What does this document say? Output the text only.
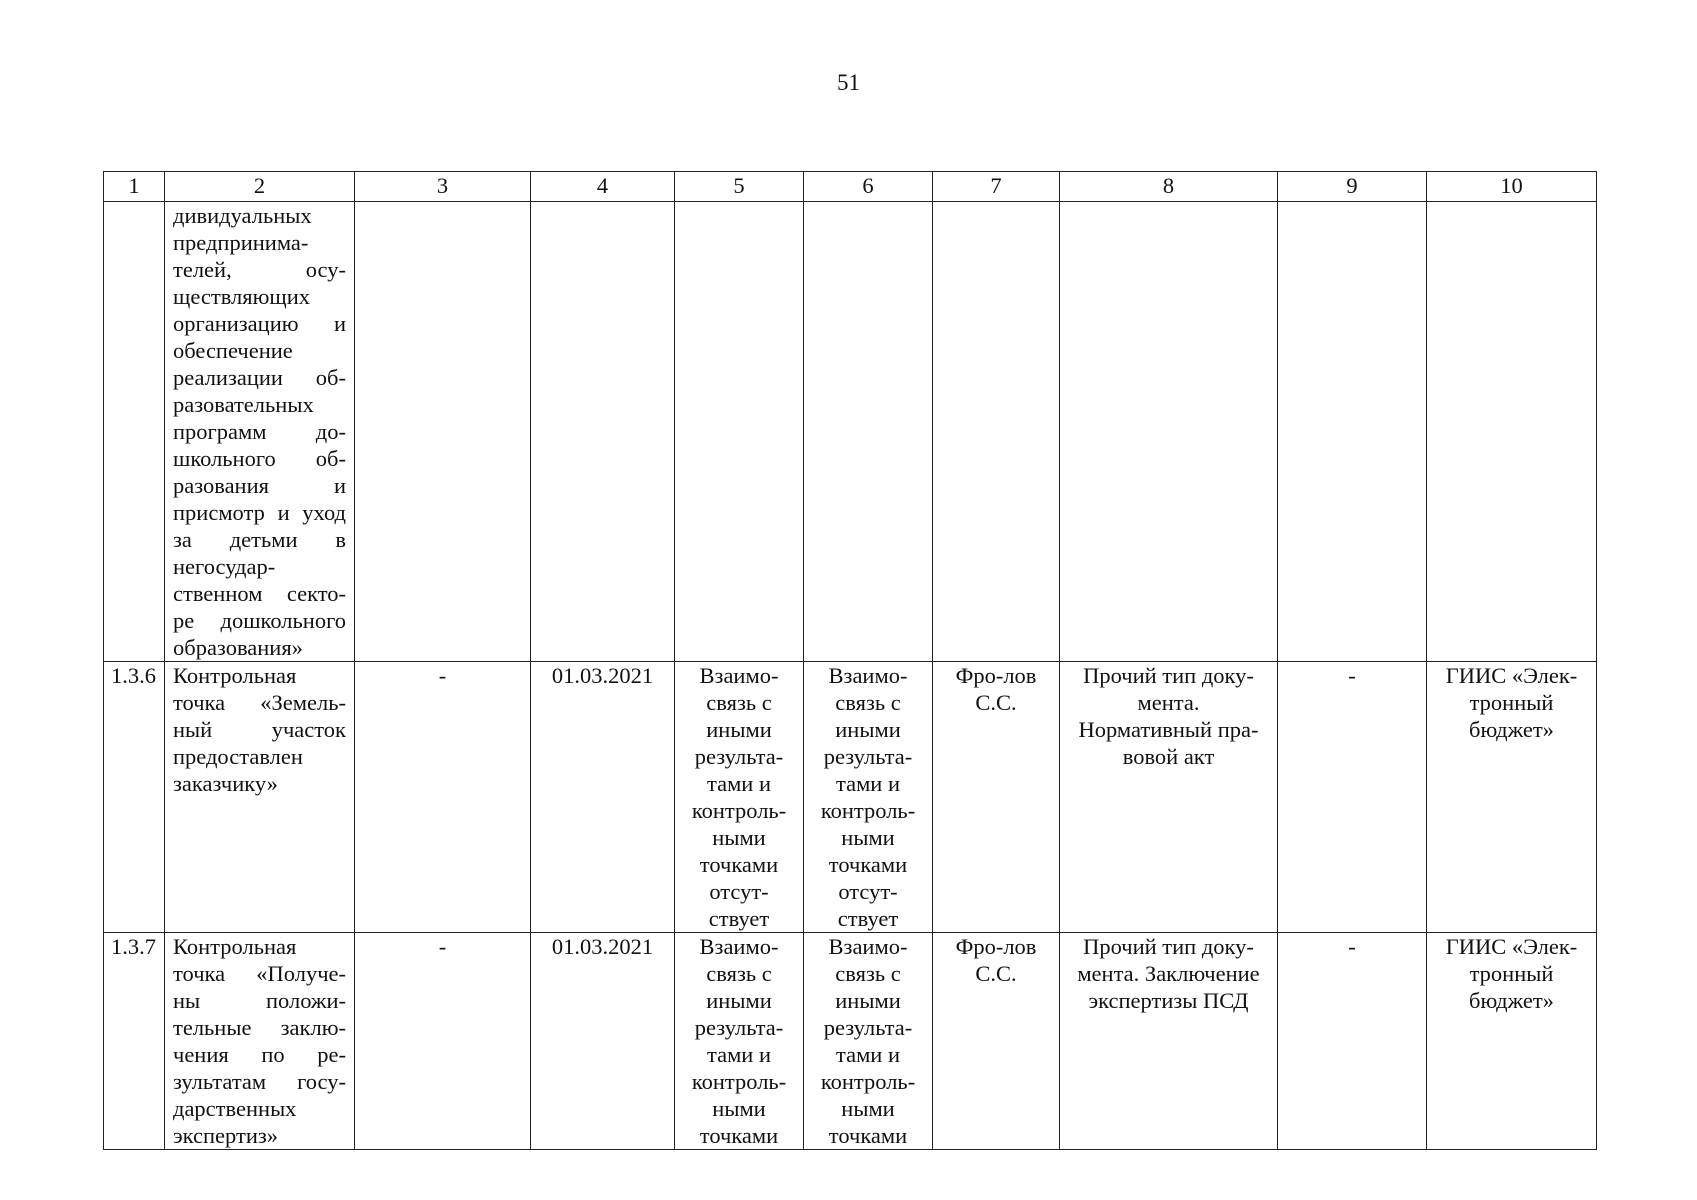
51
1	2	3	4	5	6	7	8	9	10
	дивидуальных предпринима-телей, осу-ществляющих организацию и обеспечение реализации об-разовательных программ до-школьного об-разования и присмотр и уход за детьми в негосудар-ственном секто-ре дошкольного образования»								
1.3.6	Контрольная точка «Земель-ный участок предоставлен заказчику»	-	01.03.2021	Взаимо-связь с иными результа-тами и контроль-ными точками отсут-ствует	Взаимо-связь с иными результа-тами и контроль-ными точками отсут-ствует	Фро-лов С.С.	Прочий тип доку-мента. Нормативный пра-вовой акт	-	ГИИС «Элек-тронный бюджет»
1.3.7	Контрольная точка «Получе-ны положи-тельные заклю-чения по ре-зультатам госу-дарственных экспертиз»	-	01.03.2021	Взаимо-связь с иными результа-тами и контроль-ными точками	Взаимо-связь с иными результа-тами и контроль-ными точками	Фро-лов С.С.	Прочий тип доку-мента. Заключение экспертизы ПСД	-	ГИИС «Элек-тронный бюджет»
